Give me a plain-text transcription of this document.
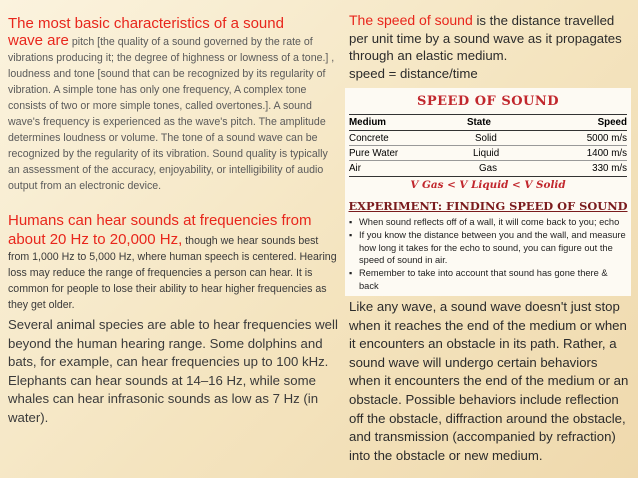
The most basic characteristics of a sound
wave are pitch [the quality of a sound governed by the rate of vibrations producing it; the degree of highness or lowness of a tone.] , loudness and tone [sound that can be recognized by its regularity of vibration. A simple tone has only one frequency, A complex tone consists of two or more simple tones, called overtones.]. A sound wave's frequency is experienced as the wave's pitch. The amplitude determines loudness or volume. The tone of a sound wave can be recognized by the regularity of its vibration. Sound quality is typically an assessment of the accuracy, enjoyability, or intelligibility of audio output from an electronic device.
Humans can hear sounds at frequencies from about 20 Hz to 20,000 Hz, though we hear sounds best from 1,000 Hz to 5,000 Hz, where human speech is centered. Hearing loss may reduce the range of frequencies a person can hear. It is common for people to lose their ability to hear higher frequencies as they get older.
Several animal species are able to hear frequencies well beyond the human hearing range. Some dolphins and bats, for example, can hear frequencies up to 100 kHz. Elephants can hear sounds at 14–16 Hz, while some whales can hear infrasonic sounds as low as 7 Hz (in water).
The speed of sound is the distance travelled per unit time by a sound wave as it propagates through an elastic medium.
speed = distance/time
SPEED OF SOUND
Medium	State	Speed
Concrete	Solid	5000 m/s
Pure Water	Liquid	1400 m/s
Air	Gas	330 m/s
V Gas < V Liquid < V Solid
EXPERIMENT: FINDING SPEED OF SOUND
▪ When sound reflects off of a wall, it will come back to you; echo
▪ If you know the distance between you and the wall, and measure how long it takes for the echo to sound, you can figure out the speed of sound in air.
▪ Remember to take into account that sound has gone there & back
Like any wave, a sound wave doesn't just stop when it reaches the end of the medium or when it encounters an obstacle in its path. Rather, a sound wave will undergo certain behaviors when it encounters the end of the medium or an obstacle. Possible behaviors include reflection off the obstacle, diffraction around the obstacle, and transmission (accompanied by refraction) into the obstacle or new medium.
